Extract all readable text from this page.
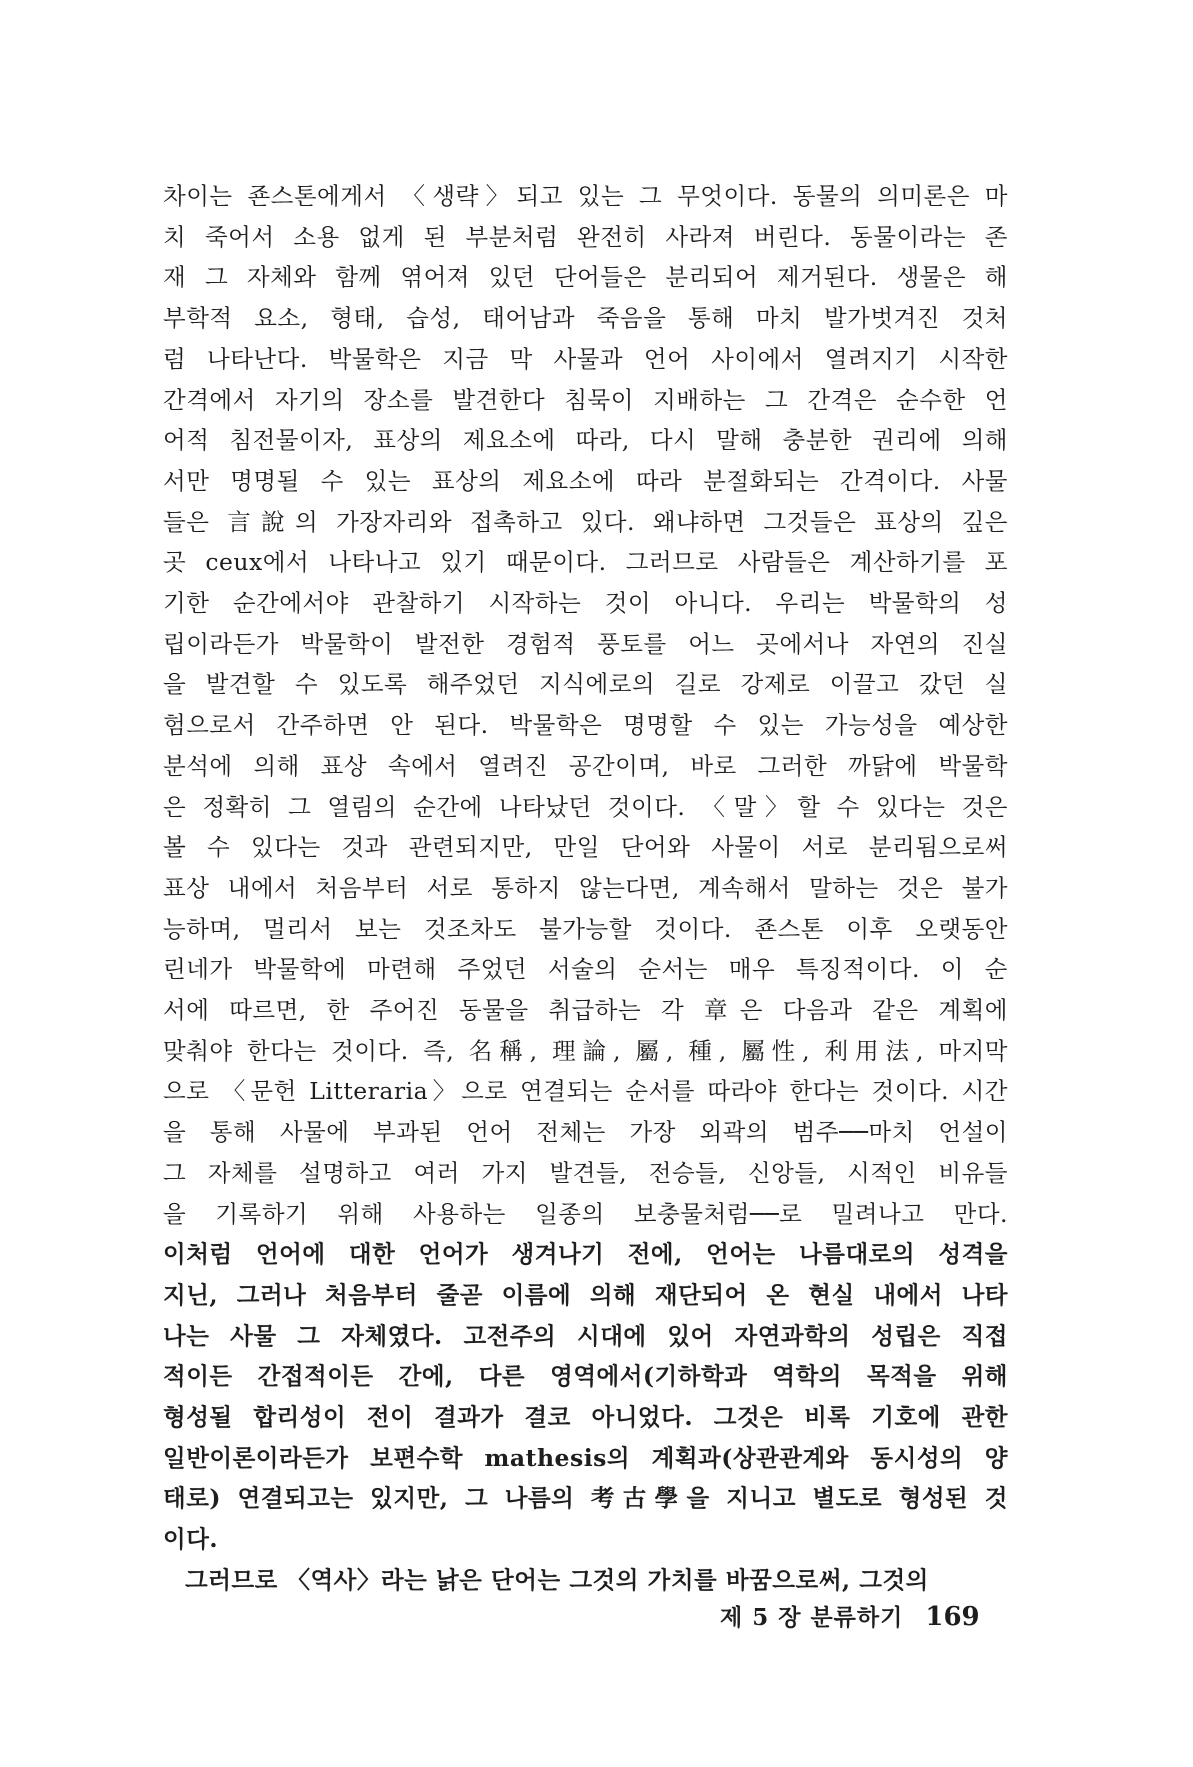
차이는 죤스톤에게서 〈생략〉되고 있는 그 무엇이다. 동물의 의미론은 마
치 죽어서 소용 없게 된 부분처럼 완전히 사라져 버린다. 동물이라는 존
재 그 자체와 함께 엮어져 있던 단어들은 분리되어 제거된다. 생물은 해
부학적 요소, 형태, 습성, 태어남과 죽음을 통해 마치 발가벗겨진 것처
럼 나타난다. 박물학은 지금 막 사물과 언어 사이에서 열려지기 시작한
간격에서 자기의 장소를 발견한다 침묵이 지배하는 그 간격은 순수한 언
어적 침전물이자, 표상의 제요소에 따라, 다시 말해 충분한 권리에 의해
서만 명명될 수 있는 표상의 제요소에 따라 분절화되는 간격이다. 사물
들은 言說의 가장자리와 접촉하고 있다. 왜냐하면 그것들은 표상의 깊은
곳 ceux에서 나타나고 있기 때문이다. 그러므로 사람들은 계산하기를 포
기한 순간에서야 관찰하기 시작하는 것이 아니다. 우리는 박물학의 성
립이라든가 박물학이 발전한 경험적 풍토를 어느 곳에서나 자연의 진실
을 발견할 수 있도록 해주었던 지식에로의 길로 강제로 이끌고 갔던 실
험으로서 간주하면 안 된다. 박물학은 명명할 수 있는 가능성을 예상한
분석에 의해 표상 속에서 열려진 공간이며, 바로 그러한 까닭에 박물학
은 정확히 그 열림의 순간에 나타났던 것이다. 〈말〉할 수 있다는 것은
볼 수 있다는 것과 관련되지만, 만일 단어와 사물이 서로 분리됨으로써
표상 내에서 처음부터 서로 통하지 않는다면, 계속해서 말하는 것은 불가
능하며, 멀리서 보는 것조차도 불가능할 것이다. 죤스톤 이후 오랫동안
린네가 박물학에 마련해 주었던 서술의 순서는 매우 특징적이다. 이 순
서에 따르면, 한 주어진 동물을 취급하는 각 章은 다음과 같은 계획에
맞춰야 한다는 것이다. 즉, 名稱, 理論, 屬, 種, 屬性, 利用法, 마지막
으로 〈문헌 Litteraria〉으로 연결되는 순서를 따라야 한다는 것이다. 시간
을 통해 사물에 부과된 언어 전체는 가장 외곽의 범주──마치 언설이
그 자체를 설명하고 여러 가지 발견들, 전승들, 신앙들, 시적인 비유들
을 기록하기 위해 사용하는 일종의 보충물처럼──로 밀려나고 만다.
이처럼 언어에 대한 언어가 생겨나기 전에, 언어는 나름대로의 성격을
지닌, 그러나 처음부터 줄곧 이름에 의해 재단되어 온 현실 내에서 나타
나는 사물 그 자체였다. 고전주의 시대에 있어 자연과학의 성립은 직접
적이든 간접적이든 간에, 다른 영역에서(기하학과 역학의 목적을 위해
형성될 합리성이 전이 결과가 결코 아니었다. 그것은 비록 기호에 관한
일반이론이라든가 보편수학 mathesis의 계획과(상관관계와 동시성의 양
태로) 연결되고는 있지만, 그 나름의 考古學을 지니고 별도로 형성된 것
이다.
그러므로 〈역사〉라는 낡은 단어는 그것의 가치를 바꿈으로써, 그것의
제 5 장 분류하기 169
